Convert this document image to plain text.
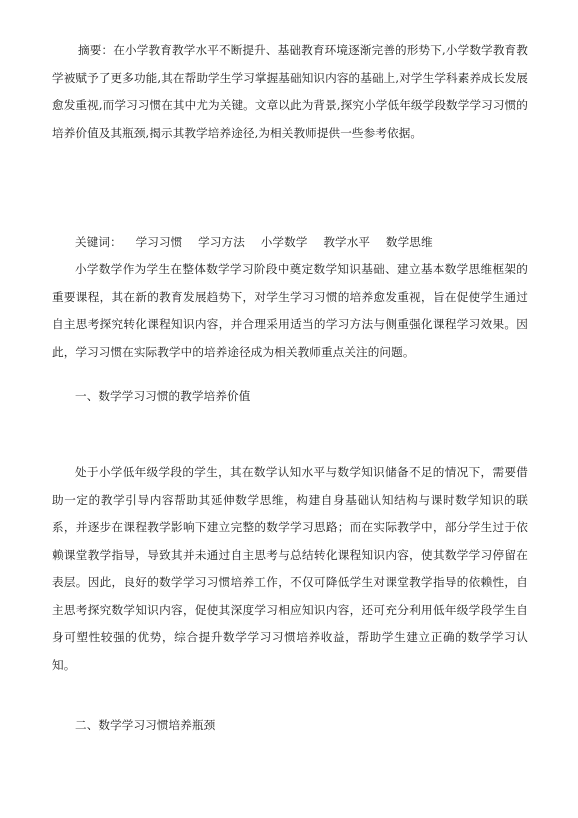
摘要：在小学教育教学水平不断提升、基础教育环境逐渐完善的形势下,小学数学教育教学被赋予了更多功能,其在帮助学生学习掌握基础知识内容的基础上,对学生学科素养成长发展愈发重视,而学习习惯在其中尤为关键。文章以此为背景,探究小学低年级学段数学学习习惯的培养价值及其瓶颈,揭示其教学培养途径,为相关教师提供一些参考依据。

关键词： 学习习惯 学习方法 小学数学 教学水平 数学思维

小学数学作为学生在整体数学学习阶段中奠定数学知识基础、建立基本数学思维框架的重要课程，其在新的教育发展趋势下，对学生学习习惯的培养愈发重视，旨在促使学生通过自主思考探究转化课程知识内容，并合理采用适当的学习方法与侧重强化课程学习效果。因此，学习习惯在实际教学中的培养途径成为相关教师重点关注的问题。

一、数学学习习惯的教学培养价值

处于小学低年级学段的学生，其在数学认知水平与数学知识储备不足的情况下，需要借助一定的教学引导内容帮助其延伸数学思维，构建自身基础认知结构与课时数学知识的联系，并逐步在课程教学影响下建立完整的数学学习思路；而在实际教学中，部分学生过于依赖课堂教学指导，导致其并未通过自主思考与总结转化课程知识内容，使其数学学习停留在表层。因此，良好的数学学习习惯培养工作，不仅可降低学生对课堂教学指导的依赖性，自主思考探究数学知识内容，促使其深度学习相应知识内容，还可充分利用低年级学段学生自身可塑性较强的优势，综合提升数学学习习惯培养收益，帮助学生建立正确的数学学习认知。

二、数学学习习惯培养瓶颈
